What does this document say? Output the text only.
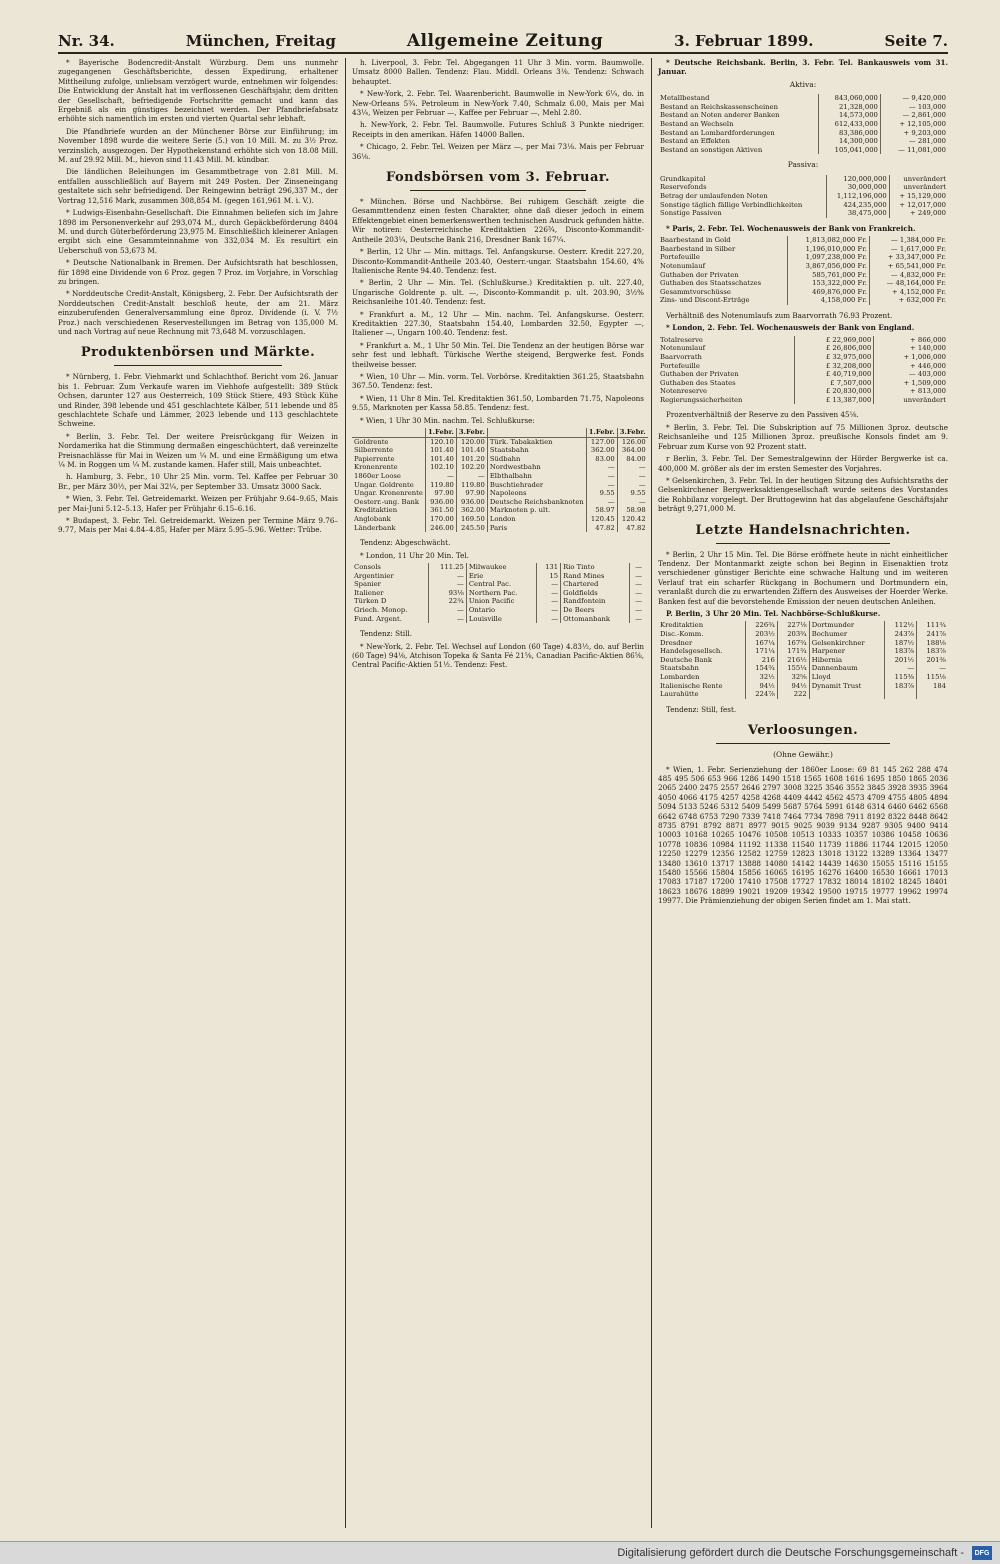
Nr. 34.	München, Freitag	Allgemeine Zeitung	3. Februar 1899.	Seite 7.

* Bayerische Bodencredit-Anstalt Würzburg. Dem uns nunmehr zugegangenen Geschäftsberichte, dessen Expedirung, erhaltener Mittheilung zufolge, unliebsam verzögert wurde, entnehmen wir folgendes: Die Entwicklung der Anstalt hat im verflossenen Geschäftsjahr, dem dritten der Gesellschaft, befriedigende Fortschritte gemacht und kann das Ergebniß als ein günstiges bezeichnet werden. Der Pfandbriefabsatz erhöhte sich namentlich im ersten und vierten Quartal sehr lebhaft.

Die Pfandbriefe wurden an der Münchener Börse zur Einführung; im November 1898 wurde die weitere Serie (5.) von 10 Mill. M. zu 3½ Proz. verzinslich, ausgezogen. Der Hypothekenstand erhöhte sich von 18.08 Mill. M. auf 29.92 Mill. M., hievon sind 11.43 Mill. M. kündbar.

Die ländlichen Beleihungen im Gesammtbetrage von 2.81 Mill. M. entfallen ausschließlich auf Bayern mit 249 Posten. Der Zinseneingang gestaltete sich sehr befriedigend. Der Reingewinn beträgt 296,337 M., der Vortrag 12,516 Mark, zusammen 308,854 M. (gegen 161,961 M. i. V.).

* Ludwigs-Eisenbahn-Gesellschaft. Die Einnahmen beliefen sich im Jahre 1898 im Personenverkehr auf 293,074 M., durch Gepäckbeförderung 8404 M. und durch Güterbeförderung 23,975 M. Einschließlich kleinerer Anlagen ergibt sich eine Gesammteinnahme von 332,034 M. Es resultirt ein Ueberschuß von 53,673 M.

* Deutsche Nationalbank in Bremen. Der Aufsichtsrath hat beschlossen, für 1898 eine Dividende von 6 Proz. gegen 7 Proz. im Vorjahre, in Vorschlag zu bringen.

* Norddeutsche Credit-Anstalt, Königsberg, 2. Febr. Der Aufsichtsrath der Norddeutschen Credit-Anstalt beschloß heute, der am 21. März einzuberufenden Generalversammlung eine 8proz. Dividende (i. V. 7½ Proz.) nach verschiedenen Reservestellungen im Betrag von 135,000 M. und nach Vortrag auf neue Rechnung mit 73,648 M. vorzuschlagen.

Produktenbörsen und Märkte.

* Nürnberg, 1. Febr. Viehmarkt und Schlachthof. Bericht vom 26. Januar bis 1. Februar. Zum Verkaufe waren im Viehhofe aufgestellt: 389 Stück Ochsen, darunter 127 aus Oesterreich, 109 Stück Stiere, 493 Stück Kühe und Rinder, 398 lebende und 451 geschlachtete Kälber, 511 lebende und 85 geschlachtete Schafe und Lämmer, 2023 lebende und 113 geschlachtete Schweine.

* Berlin, 3. Febr. Tel. Der weitere Preisrückgang für Weizen in Nordamerika hat die Stimmung dermaßen eingeschüchtert, daß vereinzelte Preisnachlässe für Mai in Weizen um ¼ M. und eine Ermäßigung um etwa ¼ M. in Roggen um ¼ M. zustande kamen. Hafer still, Mais unbeachtet.

h. Hamburg, 3. Febr., 10 Uhr 25 Min. vorm. Tel. Kaffee per Februar 30 Br., per März 30½, per Mai 32¼, per September 33. Umsatz 3000 Sack.

* Wien, 3. Febr. Tel. Getreidemarkt. Weizen per Frühjahr 9.64–9.65, Mais per Mai-Juni 5.12–5.13, Hafer per Frühjahr 6.15–6.16.

* Budapest, 3. Febr. Tel. Getreidemarkt. Weizen per Termine März 9.76–9.77, Mais per Mai 4.84–4.85, Hafer per März 5.95–5.96. Wetter: Trübe.

h. Liverpool, 3. Febr. Tel. Abgegangen 11 Uhr 3 Min. vorm. Baumwolle. Umsatz 8000 Ballen. Tendenz: Flau. Middl. Orleans 3⅛. Tendenz: Schwach behauptet.

* New-York, 2. Febr. Tel. Waarenbericht. Baumwolle in New-York 6¼, do. in New-Orleans 5¾. Petroleum in New-York 7.40, Schmalz 6.00, Mais per Mai 43¼, Weizen per Februar —, Kaffee per Februar —, Mehl 2.80.

h. New-York, 2. Febr. Tel. Baumwolle. Futures Schluß 3 Punkte niedriger. Receipts in den amerikan. Häfen 14000 Ballen.

* Chicago, 2. Febr. Tel. Weizen per März —, per Mai 73⅛. Mais per Februar 36⅛.

Fondsbörsen vom 3. Februar.

* München. Börse und Nachbörse. Bei ruhigem Geschäft zeigte die Gesammttendenz einen festen Charakter, ohne daß dieser jedoch in einem Effektengebiet einen bemerkenswerthen technischen Ausdruck gefunden hätte. Wir notiren: Oesterreichische Kreditaktien 226¾, Disconto-Kommandit-Antheile 203¼, Deutsche Bank 216, Dresdner Bank 167¼.

* Berlin, 12 Uhr — Min. mittags. Tel. Anfangskurse. Oesterr. Kredit 227.20, Disconto-Kommandit-Antheile 203.40, Oesterr.-ungar. Staatsbahn 154.60, 4% Italienische Rente 94.40. Tendenz: fest.

* Berlin, 2 Uhr — Min. Tel. (Schlußkurse.) Kreditaktien p. ult. 227.40, Ungarische Goldrente p. ult. —, Disconto-Kommandit p. ult. 203.90, 3½% Reichsanleihe 101.40. Tendenz: fest.

* Frankfurt a. M., 12 Uhr — Min. nachm. Tel. Anfangskurse. Oesterr. Kreditaktien 227.30, Staatsbahn 154.40, Lombarden 32.50, Egypter —, Italiener —, Ungarn 100.40. Tendenz: fest.

* Frankfurt a. M., 1 Uhr 50 Min. Tel. Die Tendenz an der heutigen Börse war sehr fest und lebhaft. Türkische Werthe steigend, Bergwerke fest. Fonds theilweise besser.

* Wien, 10 Uhr — Min. vorm. Tel. Vorbörse. Kreditaktien 361.25, Staatsbahn 367.50. Tendenz: fest.

* Wien, 11 Uhr 8 Min. Tel. Kreditaktien 361.50, Lombarden 71.75, Napoleons 9.55, Marknoten per Kassa 58.85. Tendenz: fest.

* Wien, 1 Uhr 30 Min. nachm. Tel. Schlußkurse:

	1.Febr.	3.Febr.		1.Febr.	3.Febr.
Goldrente	120.10	120.00	Türk. Tabakaktien	127.00	126.00
Silberrente	101.40	101.40	Staatsbahn	362.00	364.00
Papierrente	101.40	101.20	Südbahn	83.00	84.00
Kronenrente	102.10	102.20	Nordwestbahn	—	—
1860er Loose	—	—	Elbthalbahn	—	—
Ungar. Goldrente	119.80	119.80	Buschtiehrader	—	—
Ungar. Kronenrente	97.90	97.90	Napoleons	9.55	9.55
Oesterr.-ung. Bank	936.00	936.00	Deutsche Reichsbanknoten	—	—
Kreditaktien	361.50	362.00	Marknoten p. ult.	58.97	58.98
Anglobank	170.00	169.50	London	120.45	120.42
Länderbank	246.00	245.50	Paris	47.82	47.82

Tendenz: Abgeschwächt.

* London, 11 Uhr 20 Min. Tel.

Consols	111.25	Milwaukee	131	Rio Tinto	—
Argentinier	—	Erie	15	Rand Mines	—
Spanier	—	Central Pac.	—	Chartered	—
Italiener	93⅛	Northern Pac.	—	Goldfields	—
Türken D	22¾	Union Pacific	—	Randfontein	—
Griech. Monop.	—	Ontario	—	De Beers	—
Fund. Argent.	—	Louisville	—	Ottomanbank	—

Tendenz: Still.

* New-York, 2. Febr. Tel. Wechsel auf London (60 Tage) 4.83½, do. auf Berlin (60 Tage) 94⅛, Atchison Topeka & Santa Fé 21⅝, Canadian Pacific-Aktien 86⅝, Central Pacific-Aktien 51½. Tendenz: Fest.

* Deutsche Reichsbank. Berlin, 3. Febr. Tel. Bankausweis vom 31. Januar.

Aktiva:
Metallbestand	843,060,000	— 9,420,000
Bestand an Reichskassenscheinen	21,328,000	— 103,000
Bestand an Noten anderer Banken	14,573,000	— 2,861,000
Bestand an Wechseln	612,433,000	+ 12,105,000
Bestand an Lombardforderungen	83,386,000	+ 9,203,000
Bestand an Effekten	14,300,000	— 281,000
Bestand an sonstigen Aktiven	105,041,000	— 11,081,000
Passiva:
Grundkapital	120,000,000	unverändert
Reservefonds	30,000,000	unverändert
Betrag der umlaufenden Noten	1,112,196,000	+ 15,129,000
Sonstige täglich fällige Verbindlichkeiten	424,235,000	+ 12,017,000
Sonstige Passiven	38,475,000	+ 249,000

* Paris, 2. Febr. Tel. Wochenausweis der Bank von Frankreich.

Baarbestand in Gold	1,813,082,000 Fr.	— 1,384,000 Fr.
Baarbestand in Silber	1,196,010,000 Fr.	— 1,617,000 Fr.
Portefeuille	1,097,238,000 Fr.	+ 33,347,000 Fr.
Notenumlauf	3,867,056,000 Fr.	+ 65,541,000 Fr.
Guthaben der Privaten	585,761,000 Fr.	— 4,832,000 Fr.
Guthaben des Staatsschatzes	153,322,000 Fr.	— 48,164,000 Fr.
Gesammtvorschüsse	469,876,000 Fr.	+ 4,152,000 Fr.
Zins- und Discont-Erträge	4,158,000 Fr.	+ 632,000 Fr.

Verhältniß des Notenumlaufs zum Baarvorrath 76.93 Prozent.

* London, 2. Febr. Tel. Wochenausweis der Bank von England.

Totalreserve	£ 22,969,000	+ 866,000
Notenumlauf	£ 26,806,000	+ 140,000
Baarvorrath	£ 32,975,000	+ 1,006,000
Portefeuille	£ 32,208,000	+ 446,000
Guthaben der Privaten	£ 40,719,000	— 403,000
Guthaben des Staates	£ 7,507,000	+ 1,509,000
Notenreserve	£ 20,830,000	+ 813,000
Regierungssicherheiten	£ 13,387,000	unverändert

Prozentverhältniß der Reserve zu den Passiven 45⅛.

* Berlin, 3. Febr. Tel. Die Subskription auf 75 Millionen 3proz. deutsche Reichsanleihe und 125 Millionen 3proz. preußische Konsols findet am 9. Februar zum Kurse von 92 Prozent statt.

r Berlin, 3. Febr. Tel. Der Semestralgewinn der Hörder Bergwerke ist ca. 400,000 M. größer als der im ersten Semester des Vorjahres.

* Gelsenkirchen, 3. Febr. Tel. In der heutigen Sitzung des Aufsichtsraths der Gelsenkirchener Bergwerksaktiengesellschaft wurde seitens des Vorstandes die Rohbilanz vorgelegt. Der Bruttogewinn hat das abgelaufene Geschäftsjahr beträgt 9,271,000 M.

Letzte Handelsnachrichten.

* Berlin, 2 Uhr 15 Min. Tel. Die Börse eröffnete heute in nicht einheitlicher Tendenz. Der Montanmarkt zeigte schon bei Beginn in Eisenaktien trotz verschiedener günstiger Berichte eine schwache Haltung und im weiteren Verlauf trat ein scharfer Rückgang in Bochumern und Dortmundern ein, veranlaßt durch die zu erwartenden Ziffern des Ausweises der Hoerder Werke. Banken fest auf die bevorstehende Emission der neuen deutschen Anleihen.

P. Berlin, 3 Uhr 20 Min. Tel. Nachbörse-Schlußkurse.

Kreditaktien	226¾	227⅛	Dortmunder	112½	111¾
Disc.-Komm.	203½	203¾	Bochumer	243⅞	241⅞
Dresdner	167¼	167¾	Gelsenkirchner	187½	188⅛
Handelsgesellsch.	171¼	171¾	Harpener	183⅞	183⅞
Deutsche Bank	216	216½	Hibernia	201½	201⅜
Staatsbahn	154¾	155¼	Dannenbaum	—	—
Lombarden	32½	32⅝	Lloyd	115⅜	115⅛
Italienische Rente	94½	94½	Dynamit Trust	183⅞	184
Laurahütte	224⅞	222			

Tendenz: Still, fest.

Verloosungen.
(Ohne Gewähr.)

* Wien, 1. Febr. Serienziehung der 1860er Loose: 69 81 145 262 288 474 485 495 506 653 966 1286 1490 1518 1565 1608 1616 1695 1850 1865 2036 2065 2400 2475 2557 2646 2797 3008 3225 3546 3552 3845 3928 3935 3964 4050 4066 4175 4257 4258 4268 4409 4442 4562 4573 4709 4755 4805 4894 5094 5133 5246 5312 5409 5499 5687 5764 5991 6148 6314 6460 6462 6568 6642 6748 6753 7290 7339 7418 7464 7734 7898 7911 8192 8322 8448 8642 8735 8791 8792 8871 8977 9015 9025 9039 9134 9287 9305 9400 9414 10003 10168 10265 10476 10508 10513 10333 10357 10386 10458 10636 10778 10836 10984 11192 11338 11540 11739 11886 11744 12015 12050 12250 12279 12356 12582 12759 12823 13018 13122 13289 13364 13477 13480 13610 13717 13888 14080 14142 14439 14630 15055 15116 15155 15480 15566 15804 15856 16065 16195 16276 16400 16530 16661 17013 17083 17187 17200 17410 17508 17727 17832 18014 18102 18245 18401 18623 18676 18899 19021 19209 19342 19500 19715 19777 19962 19974 19977. Die Prämienziehung der obigen Serien findet am 1. Mai statt.

Digitalisierung gefördert durch die Deutsche Forschungsgemeinschaft -	DFG
